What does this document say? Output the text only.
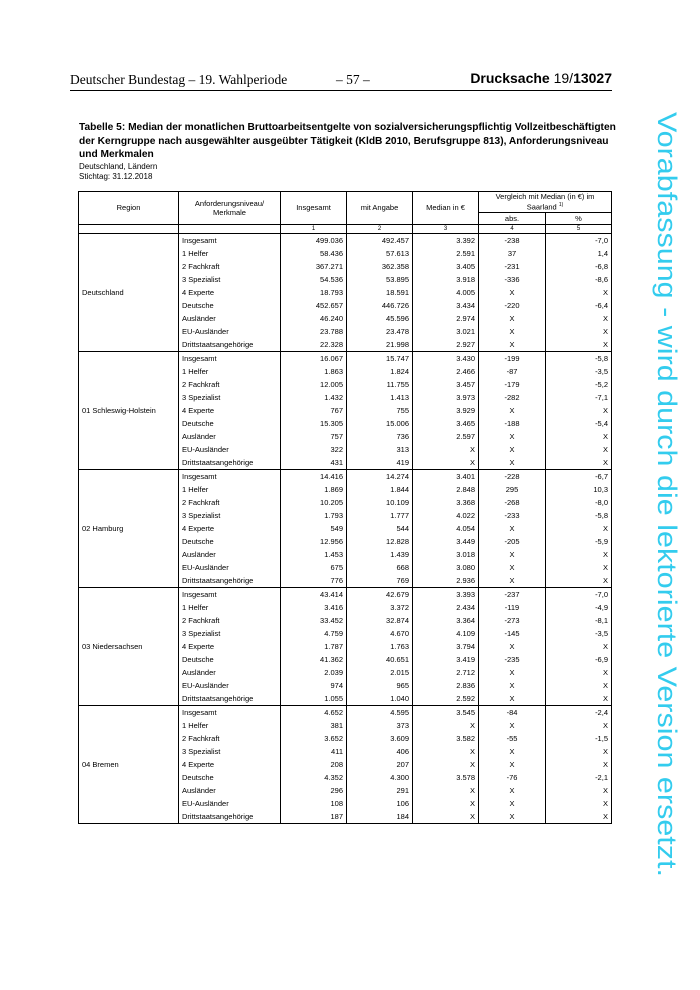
Deutscher Bundestag – 19. Wahlperiode	– 57 –	Drucksache 19/13027
Tabelle 5: Median der monatlichen Bruttoarbeitsentgelte von sozialversicherungspflichtig Vollzeitbeschäftigten der Kerngruppe nach ausgewählter ausgeübter Tätigkeit (KldB 2010, Berufsgruppe 813), Anforderungsniveau und Merkmalen
Deutschland, Ländern
Stichtag: 31.12.2018	Vorabfassung - wird durch die lektorierte Version ersetzt.
Region	Anforderungsniveau/ Merkmale	Insgesamt	mit Angabe	Median in €	Vergleich mit Median (in €) im Saarland $^{1)}$
					abs.	%
		1	2	3	4	5
Deutschland	Insgesamt	499.036	492.457	3.392	-238	-7,0
	1 Helfer	58.436	57.613	2.591	37	1,4
	2 Fachkraft	367.271	362.358	3.405	-231	-6,8
	3 Spezialist	54.536	53.895	3.918	-336	-8,6
	4 Experte	18.793	18.591	4.005	X	X
	Deutsche	452.657	446.726	3.434	-220	-6,4
	Ausländer	46.240	45.596	2.974	X	X
	EU-Ausländer	23.788	23.478	3.021	X	X
	Drittstaatsangehörige	22.328	21.998	2.927	X	X
01 Schleswig-Holstein	Insgesamt	16.067	15.747	3.430	-199	-5,8
	1 Helfer	1.863	1.824	2.466	-87	-3,5
	2 Fachkraft	12.005	11.755	3.457	-179	-5,2
	3 Spezialist	1.432	1.413	3.973	-282	-7,1
	4 Experte	767	755	3.929	X	X
	Deutsche	15.305	15.006	3.465	-188	-5,4
	Ausländer	757	736	2.597	X	X
	EU-Ausländer	322	313	X	X	X
	Drittstaatsangehörige	431	419	X	X	X
02 Hamburg	Insgesamt	14.416	14.274	3.401	-228	-6,7
	1 Helfer	1.869	1.844	2.848	295	10,3
	2 Fachkraft	10.205	10.109	3.368	-268	-8,0
	3 Spezialist	1.793	1.777	4.022	-233	-5,8
	4 Experte	549	544	4.054	X	X
	Deutsche	12.956	12.828	3.449	-205	-5,9
	Ausländer	1.453	1.439	3.018	X	X
	EU-Ausländer	675	668	3.080	X	X
	Drittstaatsangehörige	776	769	2.936	X	X
03 Niedersachsen	Insgesamt	43.414	42.679	3.393	-237	-7,0
	1 Helfer	3.416	3.372	2.434	-119	-4,9
	2 Fachkraft	33.452	32.874	3.364	-273	-8,1
	3 Spezialist	4.759	4.670	4.109	-145	-3,5
	4 Experte	1.787	1.763	3.794	X	X
	Deutsche	41.362	40.651	3.419	-235	-6,9
	Ausländer	2.039	2.015	2.712	X	X
	EU-Ausländer	974	965	2.836	X	X
	Drittstaatsangehörige	1.055	1.040	2.592	X	X
04 Bremen	Insgesamt	4.652	4.595	3.545	-84	-2,4
	1 Helfer	381	373	X	X	X
	2 Fachkraft	3.652	3.609	3.582	-55	-1,5
	3 Spezialist	411	406	X	X	X
	4 Experte	208	207	X	X	X
	Deutsche	4.352	4.300	3.578	-76	-2,1
	Ausländer	296	291	X	X	X
	EU-Ausländer	108	106	X	X	X
	Drittstaatsangehörige	187	184	X	X	X
